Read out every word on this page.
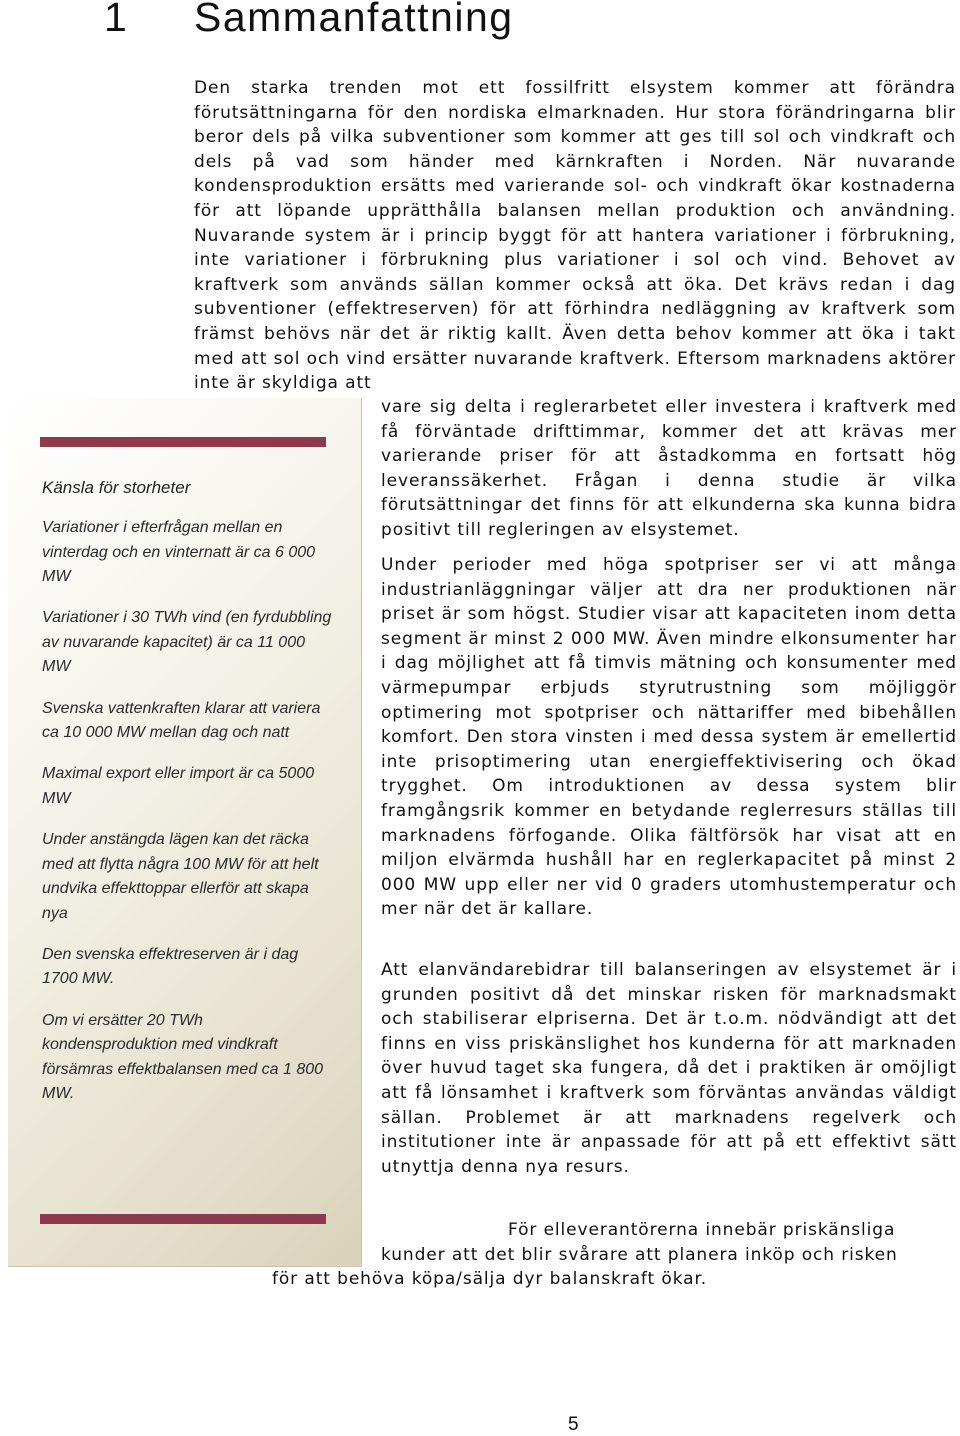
1 Sammanfattning

Den starka trenden mot ett fossilfritt elsystem kommer att förändra förutsättningarna för den nordiska elmarknaden. Hur stora förändringarna blir beror dels på vilka subventioner som kommer att ges till sol och vindkraft och dels på vad som händer med kärnkraften i Norden. När nuvarande kondensproduktion ersätts med varierande sol- och vindkraft ökar kostnaderna för att löpande upprätthålla balansen mellan produktion och användning. Nuvarande system är i princip byggt för att hantera variationer i förbrukning, inte variationer i förbrukning plus variationer i sol och vind. Behovet av kraftverk som används sällan kommer också att öka. Det krävs redan i dag subventioner (effektreserven) för att förhindra nedläggning av kraftverk som främst behövs när det är riktig kallt. Även detta behov kommer att öka i takt med att sol och vind ersätter nuvarande kraftverk. Eftersom marknadens aktörer inte är skyldiga att

vare sig delta i reglerarbetet eller investera i kraftverk med få förväntade drifttimmar, kommer det att krävas mer varierande priser för att åstadkomma en fortsatt hög leveranssäkerhet. Frågan i denna studie är vilka förutsättningar det finns för att elkunderna ska kunna bidra positivt till regleringen av elsystemet.

Under perioder med höga spotpriser ser vi att många industrianläggningar väljer att dra ner produktionen när priset är som högst. Studier visar att kapaciteten inom detta segment är minst 2 000 MW. Även mindre elkonsumenter har i dag möjlighet att få timvis mätning och konsumenter med värmepumpar erbjuds styrutrustning som möjliggör optimering mot spotpriser och nättariffer med bibehållen komfort. Den stora vinsten i med dessa system är emellertid inte prisoptimering utan energieffektivisering och ökad trygghet. Om introduktionen av dessa system blir framgångsrik kommer en betydande reglerresurs ställas till marknadens förfogande. Olika fältförsök har visat att en miljon elvärmda hushåll har en reglerkapacitet på minst 2 000 MW upp eller ner vid 0 graders utomhustemperatur och mer när det är kallare.

Att elanvändarebidrar till balanseringen av elsystemet är i grunden positivt då det minskar risken för marknadsmakt och stabiliserar elpriserna. Det är t.o.m. nödvändigt att det finns en viss priskänslighet hos kunderna för att marknaden över huvud taget ska fungera, då det i praktiken är omöjligt att få lönsamhet i kraftverk som förväntas användas väldigt sällan. Problemet är att marknadens regelverk och institutioner inte är anpassade för att på ett effektivt sätt utnyttja denna nya resurs.

För elleverantörerna innebär priskänsliga
kunder att det blir svårare att planera inköp och risken
för att behöva köpa/sälja dyr balanskraft ökar.
Känsla för storheter
Variationer i efterfrågan mellan en vinterdag och en vinternatt är ca 6 000 MW
Variationer i 30 TWh vind (en fyrdubbling av nuvarande kapacitet) är ca 11 000 MW
Svenska vattenkraften klarar att variera ca 10 000 MW mellan dag och natt
Maximal export eller import är ca 5000 MW
Under anstängda lägen kan det räcka med att flytta några 100 MW för att helt undvika effekttoppar ellerför att skapa nya
Den svenska effektreserven är i dag 1700 MW.
Om vi ersätter 20 TWh kondensproduktion med vindkraft försämras effektbalansen med ca 1 800 MW.
5
